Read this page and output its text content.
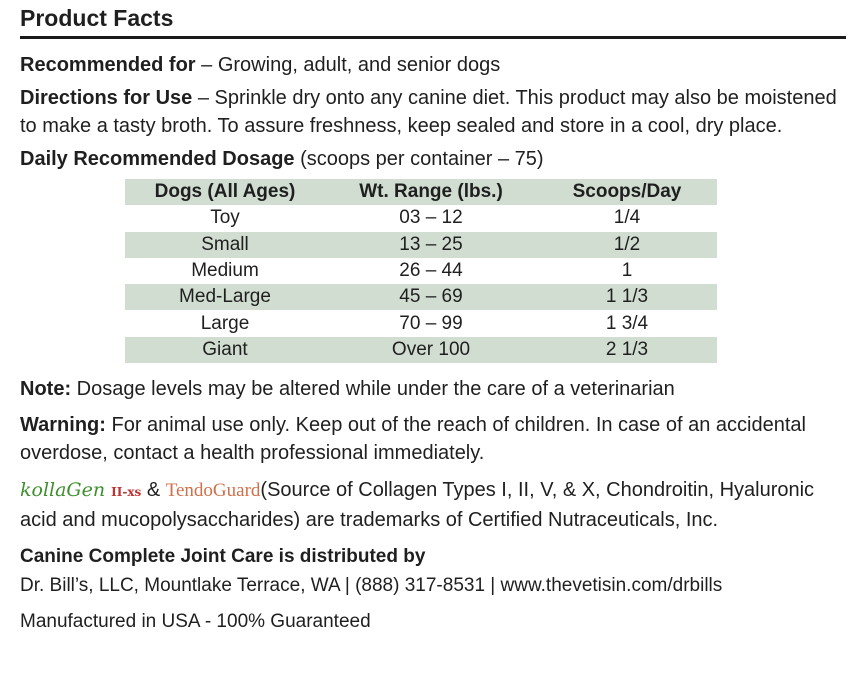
Product Facts
Recommended for – Growing, adult, and senior dogs
Directions for Use – Sprinkle dry onto any canine diet. This product may also be moistened to make a tasty broth. To assure freshness, keep sealed and store in a cool, dry place.
Daily Recommended Dosage (scoops per container – 75)
Dogs (All Ages)	Wt. Range (lbs.)	Scoops/Day
Toy	03 – 12	1/4
Small	13 – 25	1/2
Medium	26 – 44	1
Med-Large	45 – 69	1 1/3
Large	70 – 99	1 3/4
Giant	Over 100	2 1/3
Note: Dosage levels may be altered while under the care of a veterinarian
Warning: For animal use only. Keep out of the reach of children. In case of an accidental overdose, contact a health professional immediately.
kollaGen II-xs & TendoGuard(Source of Collagen Types I, II, V, & X, Chondroitin, Hyaluronic acid and mucopolysaccharides) are trademarks of Certified Nutraceuticals, Inc.
Canine Complete Joint Care is distributed by
Dr. Bill’s, LLC, Mountlake Terrace, WA | (888) 317-8531 | www.thevetisin.com/drbills
Manufactured in USA - 100% Guaranteed
